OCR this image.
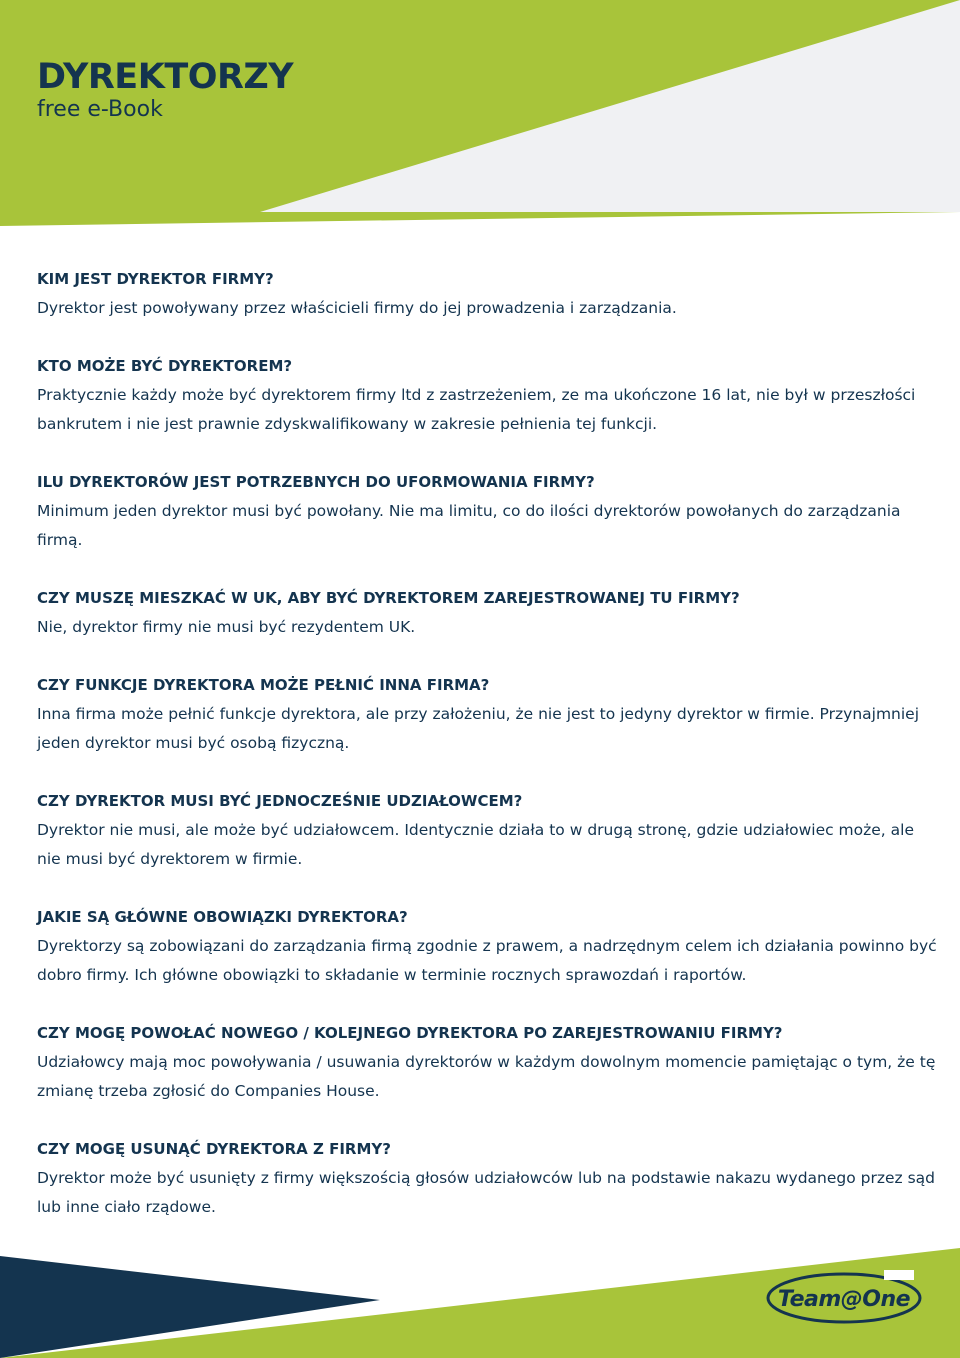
DYREKTORZY
free e-Book
KIM JEST DYREKTOR FIRMY?

Dyrektor jest powoływany przez właścicieli firmy do jej prowadzenia i zarządzania.

KTO MOŻE BYĆ DYREKTOREM?

Praktycznie każdy może być dyrektorem firmy ltd z zastrzeżeniem, ze ma ukończone 16 lat, nie był w przeszłości bankrutem i nie jest prawnie zdyskwalifikowany w zakresie pełnienia tej funkcji.

ILU DYREKTORÓW JEST POTRZEBNYCH DO UFORMOWANIA FIRMY?

Minimum jeden dyrektor musi być powołany. Nie ma limitu, co do ilości dyrektorów powołanych do zarządzania firmą.

CZY MUSZĘ MIESZKAĆ W UK, ABY BYĆ DYREKTOREM ZAREJESTROWANEJ TU FIRMY?

Nie, dyrektor firmy nie musi być rezydentem UK.

CZY FUNKCJE DYREKTORA MOŻE PEŁNIĆ INNA FIRMA?

Inna firma może pełnić funkcje dyrektora, ale przy założeniu, że nie jest to jedyny dyrektor w firmie. Przynajmniej jeden dyrektor musi być osobą fizyczną.

CZY DYREKTOR MUSI BYĆ JEDNOCZEŚNIE UDZIAŁOWCEM?

Dyrektor nie musi, ale może być udziałowcem. Identycznie działa to w drugą stronę, gdzie udziałowiec może, ale nie musi być dyrektorem w firmie.

JAKIE SĄ GŁÓWNE OBOWIĄZKI DYREKTORA?

Dyrektorzy są zobowiązani do zarządzania firmą zgodnie z prawem, a nadrzędnym celem ich działania powinno być dobro firmy. Ich główne obowiązki to składanie w terminie rocznych sprawozdań i raportów.

CZY MOGĘ POWOŁAĆ NOWEGO / KOLEJNEGO DYREKTORA PO ZAREJESTROWANIU FIRMY?

Udziałowcy mają moc powoływania / usuwania dyrektorów w każdym dowolnym momencie pamiętając o tym, że tę zmianę trzeba zgłosić do Companies House.

CZY MOGĘ USUNĄĆ DYREKTORA Z FIRMY?

Dyrektor może być usunięty z firmy większością głosów udziałowców lub na podstawie nakazu wydanego przez sąd lub inne ciało rządowe.

Team@One
